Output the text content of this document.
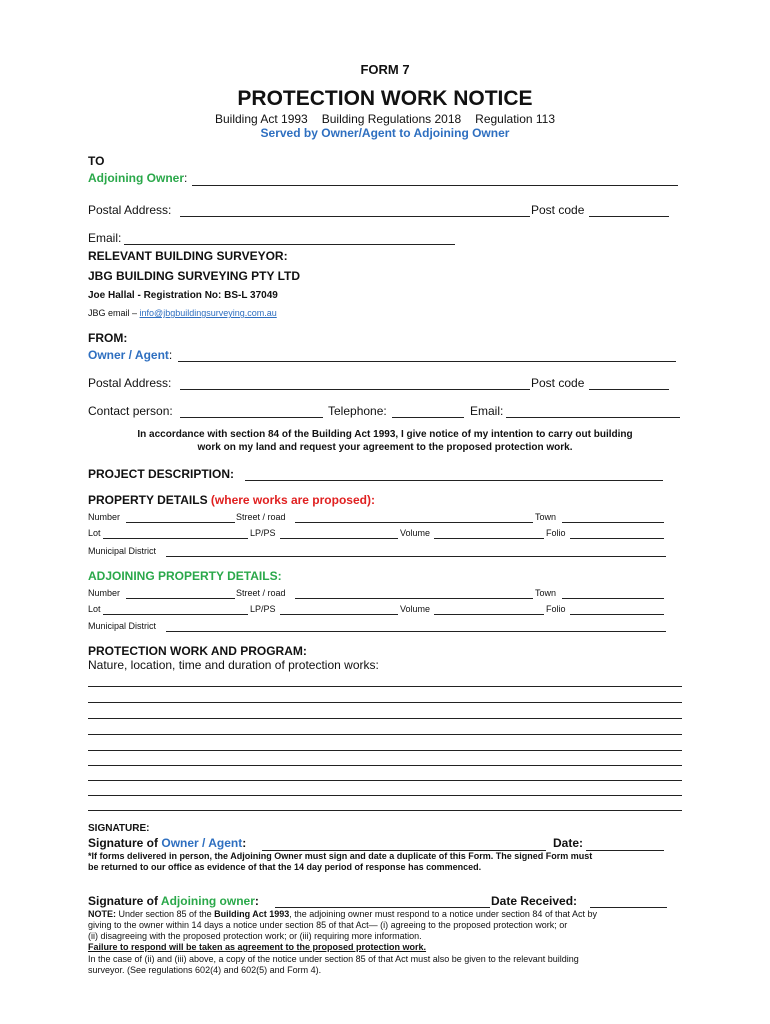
FORM 7
PROTECTION WORK NOTICE
Building Act 1993 Building Regulations 2018 Regulation 113
Served by Owner/Agent to Adjoining Owner
TO
Adjoining Owner:
Postal Address:	Post code
Email:
RELEVANT BUILDING SURVEYOR:
JBG BUILDING SURVEYING PTY LTD
Joe Hallal - Registration No: BS-L 37049
JBG email – info@jbgbuildingsurveying.com.au
FROM:
Owner / Agent:
Postal Address:	Post code
Contact person:	Telephone:	Email:
In accordance with section 84 of the Building Act 1993, I give notice of my intention to carry out building
work on my land and request your agreement to the proposed protection work.
PROJECT DESCRIPTION:
PROPERTY DETAILS (where works are proposed):
Number	Street / road	Town
Lot	LP/PS	Volume	Folio
Municipal District
ADJOINING PROPERTY DETAILS:
Number	Street / road	Town
Lot	LP/PS	Volume	Folio
Municipal District
PROTECTION WORK AND PROGRAM:
Nature, location, time and duration of protection works:
SIGNATURE:
Signature of Owner / Agent:	Date:
*If forms delivered in person, the Adjoining Owner must sign and date a duplicate of this Form. The signed Form must
be returned to our office as evidence of that the 14 day period of response has commenced.
Signature of Adjoining owner:	Date Received:
NOTE: Under section 85 of the Building Act 1993, the adjoining owner must respond to a notice under section 84 of that Act by
giving to the owner within 14 days a notice under section 85 of that Act— (i) agreeing to the proposed protection work; or
(ii) disagreeing with the proposed protection work; or (iii) requiring more information.
Failure to respond will be taken as agreement to the proposed protection work.
In the case of (ii) and (iii) above, a copy of the notice under section 85 of that Act must also be given to the relevant building
surveyor. (See regulations 602(4) and 602(5) and Form 4).
